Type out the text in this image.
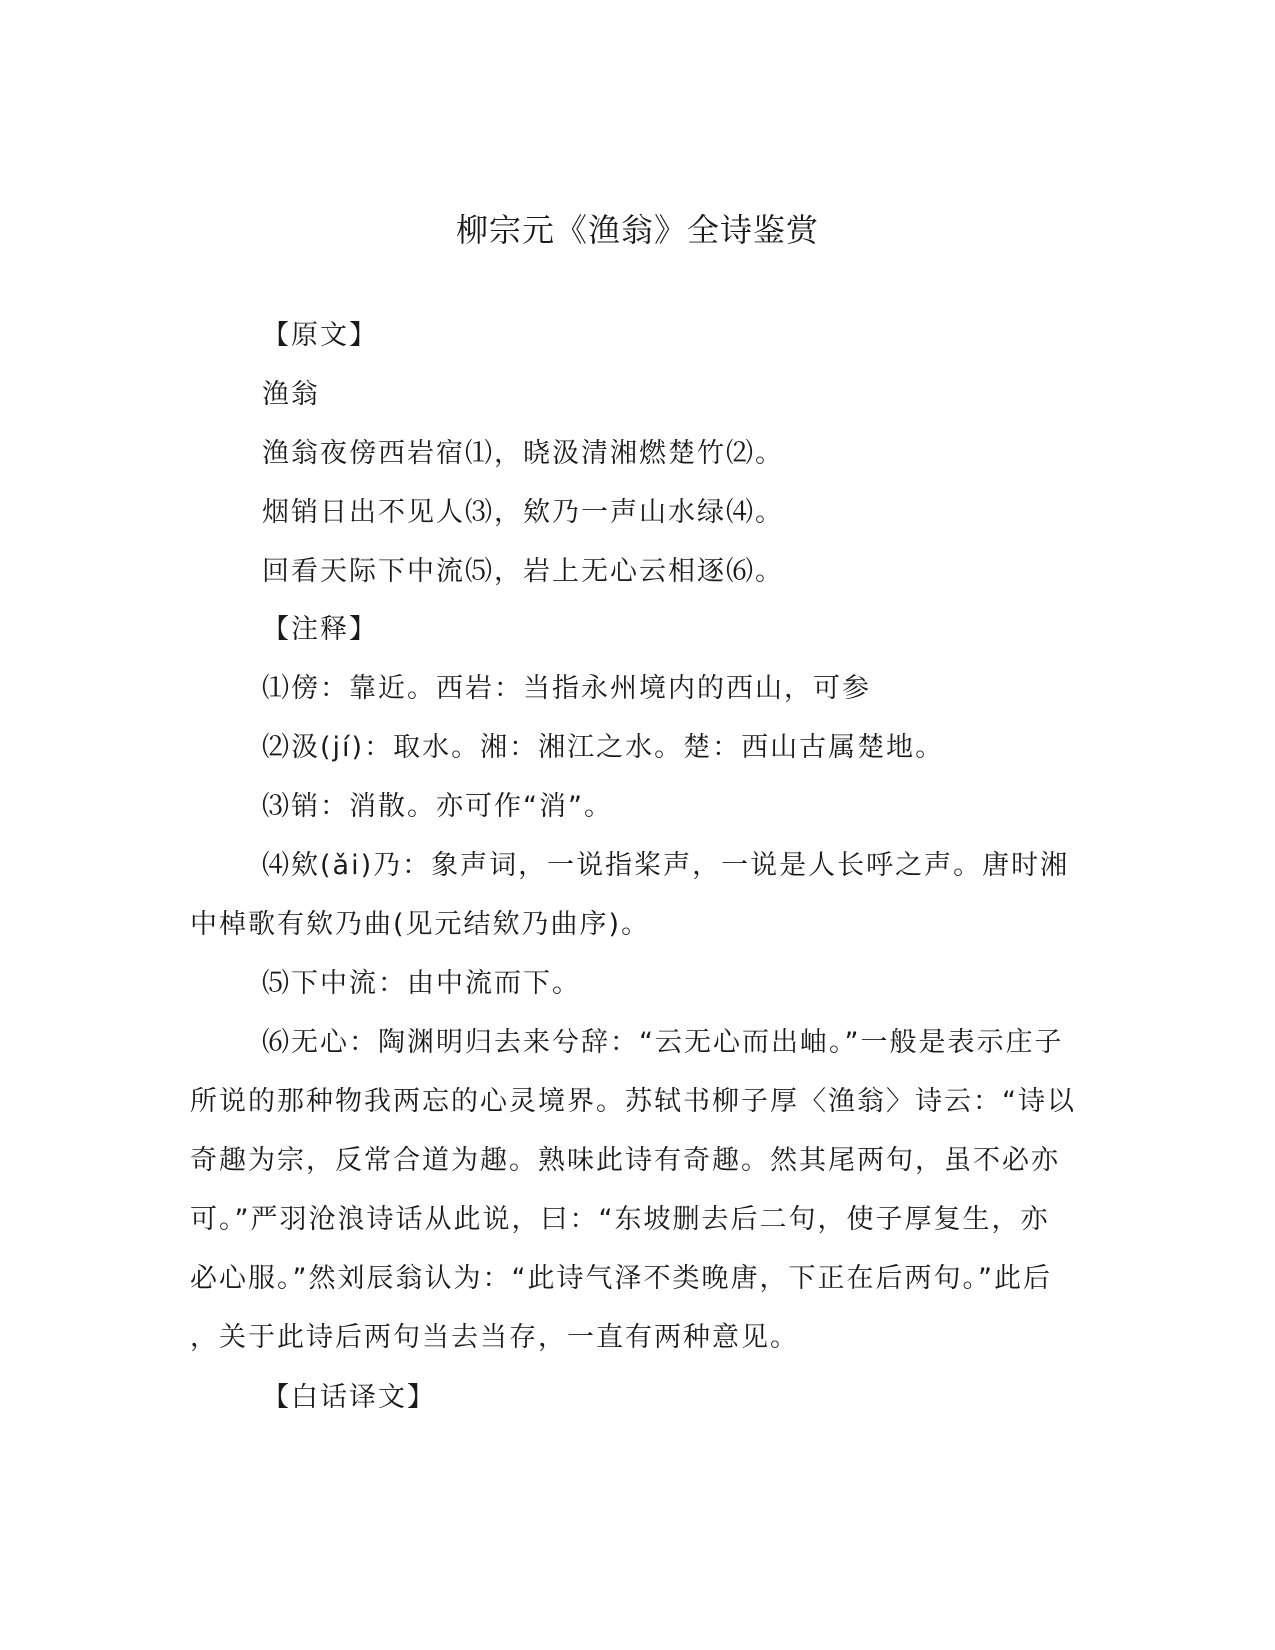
柳宗元《渔翁》全诗鉴赏
【原文】
渔翁
渔翁夜傍西岩宿⑴，晓汲清湘燃楚竹⑵。
烟销日出不见人⑶，欸乃一声山水绿⑷。
回看天际下中流⑸，岩上无心云相逐⑹。
【注释】
⑴傍：靠近。西岩：当指永州境内的西山，可参
⑵汲(jí)：取水。湘：湘江之水。楚：西山古属楚地。
⑶销：消散。亦可作“消”。
⑷欸(ǎi)乃：象声词，一说指桨声，一说是人长呼之声。唐时湘
中棹歌有欸乃曲(见元结欸乃曲序)。
⑸下中流：由中流而下。
⑹无心：陶渊明归去来兮辞：“云无心而出岫。”一般是表示庄子
所说的那种物我两忘的心灵境界。苏轼书柳子厚〈渔翁〉诗云：“诗以
奇趣为宗，反常合道为趣。熟味此诗有奇趣。然其尾两句，虽不必亦
可。”严羽沧浪诗话从此说，曰：“东坡删去后二句，使子厚复生，亦
必心服。”然刘辰翁认为：“此诗气泽不类晚唐，下正在后两句。”此后
，关于此诗后两句当去当存，一直有两种意见。
【白话译文】
